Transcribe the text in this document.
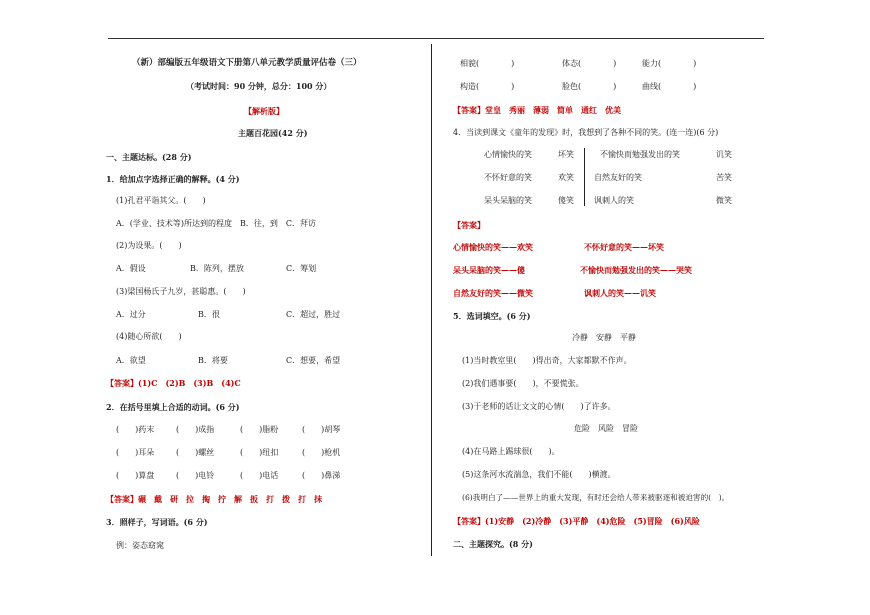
（新）部编版五年级语文下册第八单元教学质量评估卷（三）
（考试时间：90 分钟，总分：100 分）
【解析版】
主题百花园(42 分)
一、主题达标。(28 分)
1．给加点字选择正确的解释。(4 分)
(1)孔君平诣其父。(　　)
A．(学业、技术等)所达到的程度　B．往，到　C．拜访
(2)为设果。(　　)
A．假设	B．陈列，摆放	C．筹划
(3)梁国杨氏子九岁，甚聪惠。(　　)
A．过分	B．很	C．超过，胜过
(4)随心所欲(　　)
A．欲望	B．将要	C．想要，希望
【答案】(1)C　(2)B　(3)B　(4)C
2．在括号里填上合适的动词。(6 分)
(　　)药末	(　　)成指	(　　)脂粉	(　　)胡琴
(　　)耳朵	(　　)螺丝	(　　)纽扣	(　　)枪机
(　　)算盘	(　　)电铃	(　　)电话	(　　)鼻涕
【答案】碾　戴　研　拉　掏　拧　解　扳　打　拨　打　抹
3．照样子，写词语。(6 分)
例：姿态窈窕
相貌(　　　　)	体态(　　　　)	能力(　　　　)
构造(　　　　)	脸色(　　　　)	曲线(　　　　)
【答案】堂皇　秀丽　薄弱　简单　通红　优美
4．当读到课文《童年的发现》时，我想到了各种不同的笑。(连一连)(6 分)
心情愉快的笑	坏笑
不怀好意的笑	欢笑
呆头呆脑的笑	傻笑
不愉快而勉强发出的笑	讥笑
自然友好的笑	苦笑
讽刺人的笑	微笑
【答案】
心情愉快的笑——欢笑	不怀好意的笑——坏笑
呆头呆脑的笑——傻	不愉快而勉强发出的笑——哭笑
自然友好的笑——微笑	讽刺人的笑——讥笑
5．选词填空。(6 分)
冷静　安静　平静
(1)当时教室里(　　)得出奇，大家都默不作声。
(2)我们遇事要(　　)，不要慌张。
(3)于老师的话让文文的心情(　　)了许多。
危险　风险　冒险
(4)在马路上踢球很(　　)。
(5)这条河水流湍急，我们不能(　　)横渡。
(6)我明白了——世界上的重大发现，有时还会给人带来被驱逐和被迫害的(　)。
【答案】(1)安静　(2)冷静　(3)平静　(4)危险　(5)冒险　(6)风险
二、主题探究。(8 分)
